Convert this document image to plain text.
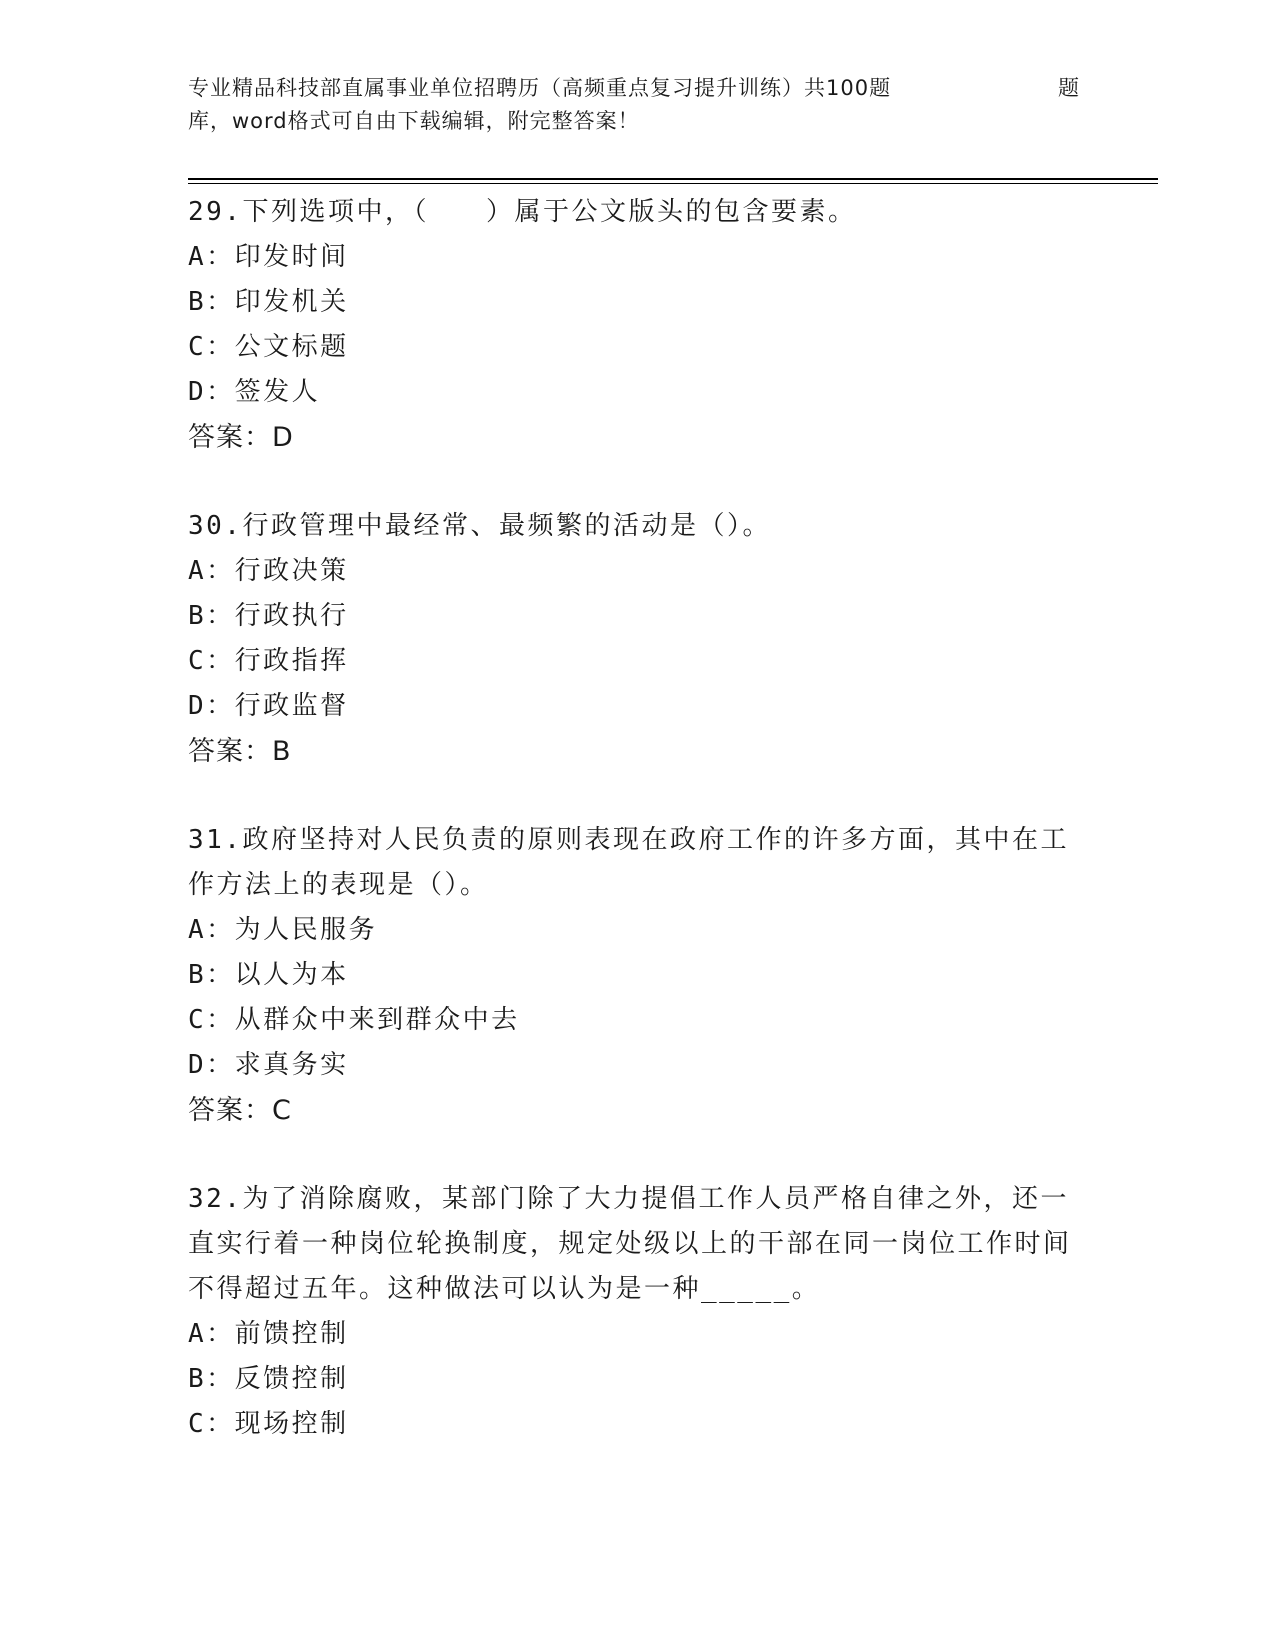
专业精品科技部直属事业单位招聘历（高频重点复习提升训练）共100题	题
库，word格式可自由下载编辑，附完整答案！

29.下列选项中，（　　）属于公文版头的包含要素。

A：印发时间

B：印发机关

C：公文标题

D：签发人

答案：D

30.行政管理中最经常、最频繁的活动是（）。

A：行政决策

B：行政执行

C：行政指挥

D：行政监督

答案：B

31.政府坚持对人民负责的原则表现在政府工作的许多方面，其中在工作方法上的表现是（）。

A：为人民服务

B：以人为本

C：从群众中来到群众中去

D：求真务实

答案：C

32.为了消除腐败，某部门除了大力提倡工作人员严格自律之外，还一直实行着一种岗位轮换制度，规定处级以上的干部在同一岗位工作时间不得超过五年。这种做法可以认为是一种_____。

A：前馈控制

B：反馈控制

C：现场控制
